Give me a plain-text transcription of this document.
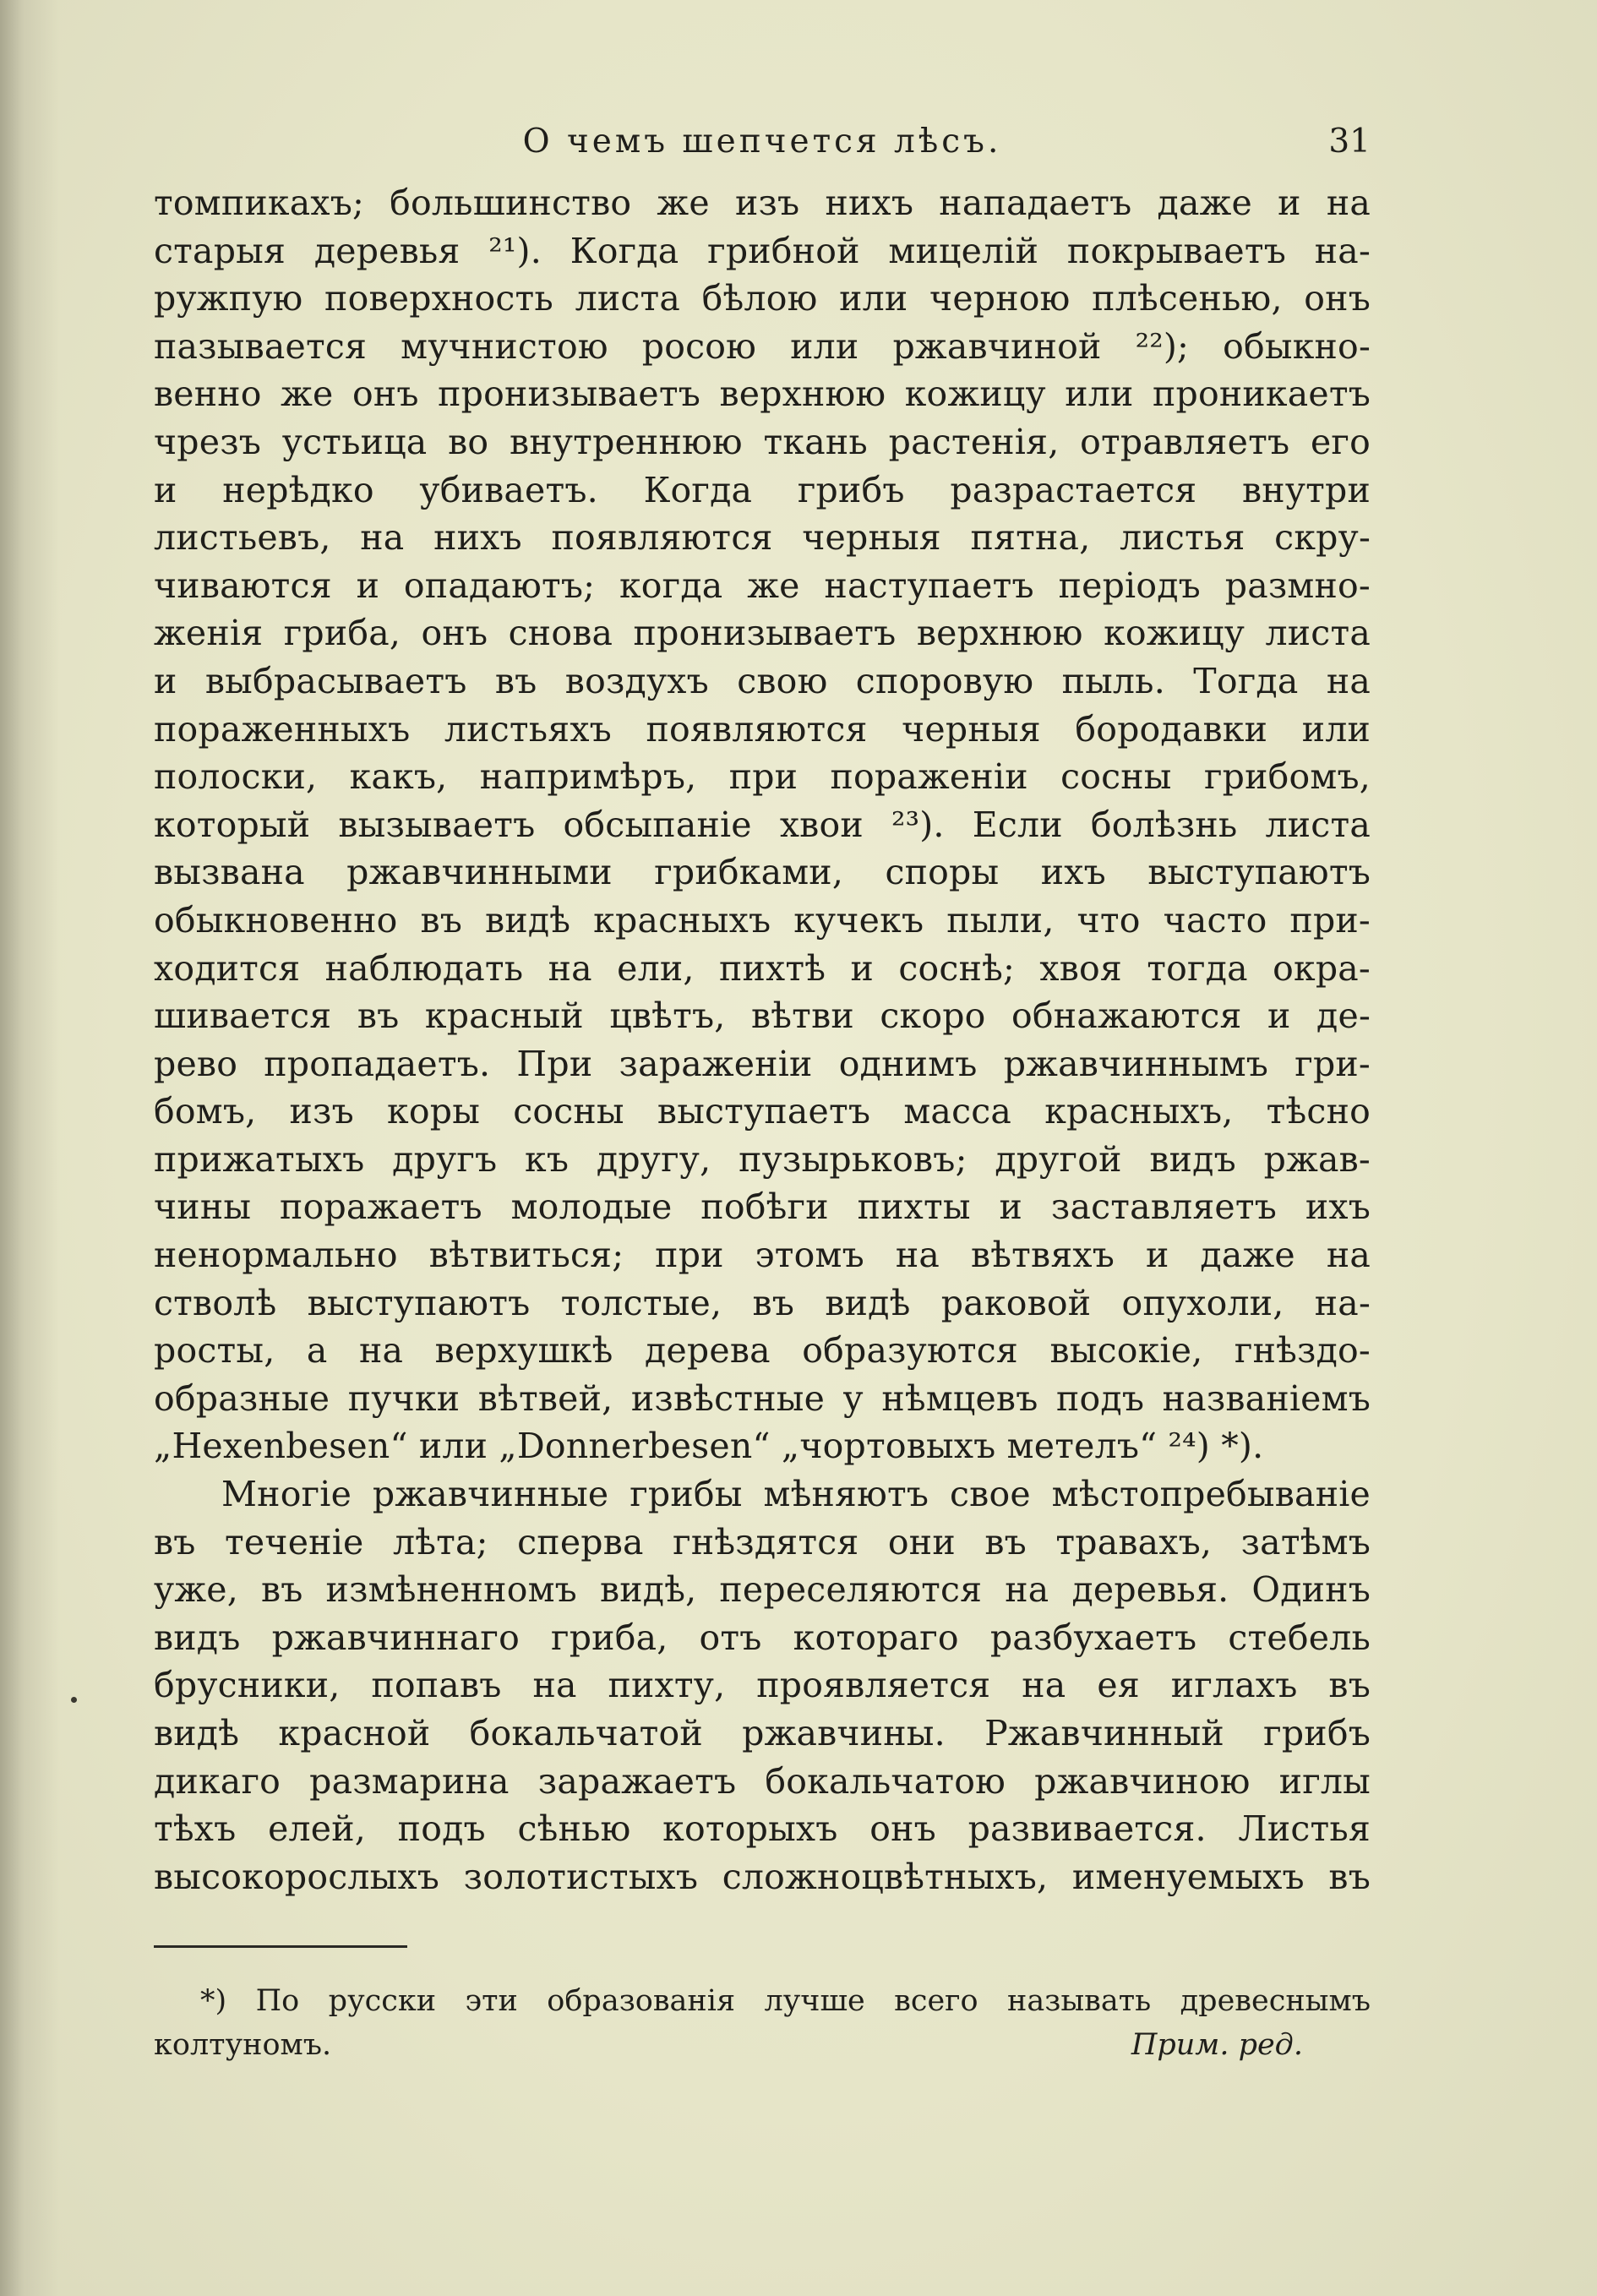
О чемъ шепчется лѣсъ.	31
томпикахъ; большинство же изъ нихъ нападаетъ даже и на
старыя деревья ²¹). Когда грибной мицелій покрываетъ на-
ружпую поверхность листа бѣлою или черною плѣсенью, онъ
пазывается мучнистою росою или ржавчиной ²²); обыкно-
венно же онъ пронизываетъ верхнюю кожицу или проникаетъ
чрезъ устьица во внутреннюю ткань растенія, отравляетъ его
и нерѣдко убиваетъ. Когда грибъ разрастается внутри
листьевъ, на нихъ появляются черныя пятна, листья скру-
чиваются и опадаютъ; когда же наступаетъ періодъ размно-
женія гриба, онъ снова пронизываетъ верхнюю кожицу листа
и выбрасываетъ въ воздухъ свою споровую пыль. Тогда на
пораженныхъ листьяхъ появляются черныя бородавки или
полоски, какъ, напримѣръ, при пораженіи сосны грибомъ,
который вызываетъ обсыпаніе хвои ²³). Если болѣзнь листа
вызвана ржавчинными грибками, споры ихъ выступаютъ
обыкновенно въ видѣ красныхъ кучекъ пыли, что часто при-
ходится наблюдать на ели, пихтѣ и соснѣ; хвоя тогда окра-
шивается въ красный цвѣтъ, вѣтви скоро обнажаются и де-
рево пропадаетъ. При зараженіи однимъ ржавчиннымъ гри-
бомъ, изъ коры сосны выступаетъ масса красныхъ, тѣсно
прижатыхъ другъ къ другу, пузырьковъ; другой видъ ржав-
чины поражаетъ молодые побѣги пихты и заставляетъ ихъ
ненормально вѣтвиться; при этомъ на вѣтвяхъ и даже на
стволѣ выступаютъ толстые, въ видѣ раковой опухоли, на-
росты, а на верхушкѣ дерева образуются высокіе, гнѣздо-
образные пучки вѣтвей, извѣстные у нѣмцевъ подъ названіемъ
„Hexenbesen“ или „Donnerbesen“ „чортовыхъ метелъ“ ²⁴) *).
Многіе ржавчинные грибы мѣняютъ свое мѣстопребываніе
въ теченіе лѣта; сперва гнѣздятся они въ травахъ, затѣмъ
уже, въ измѣненномъ видѣ, переселяются на деревья. Одинъ
видъ ржавчиннаго гриба, отъ котораго разбухаетъ стебель
брусники, попавъ на пихту, проявляется на ея иглахъ въ
видѣ красной бокальчатой ржавчины. Ржавчинный грибъ
дикаго размарина заражаетъ бокальчатою ржавчиною иглы
тѣхъ елей, подъ сѣнью которыхъ онъ развивается. Листья
высокорослыхъ золотистыхъ сложноцвѣтныхъ, именуемыхъ въ
*) По русски эти образованія лучше всего называть древеснымъ
колтуномъ.	Прим. ред.
